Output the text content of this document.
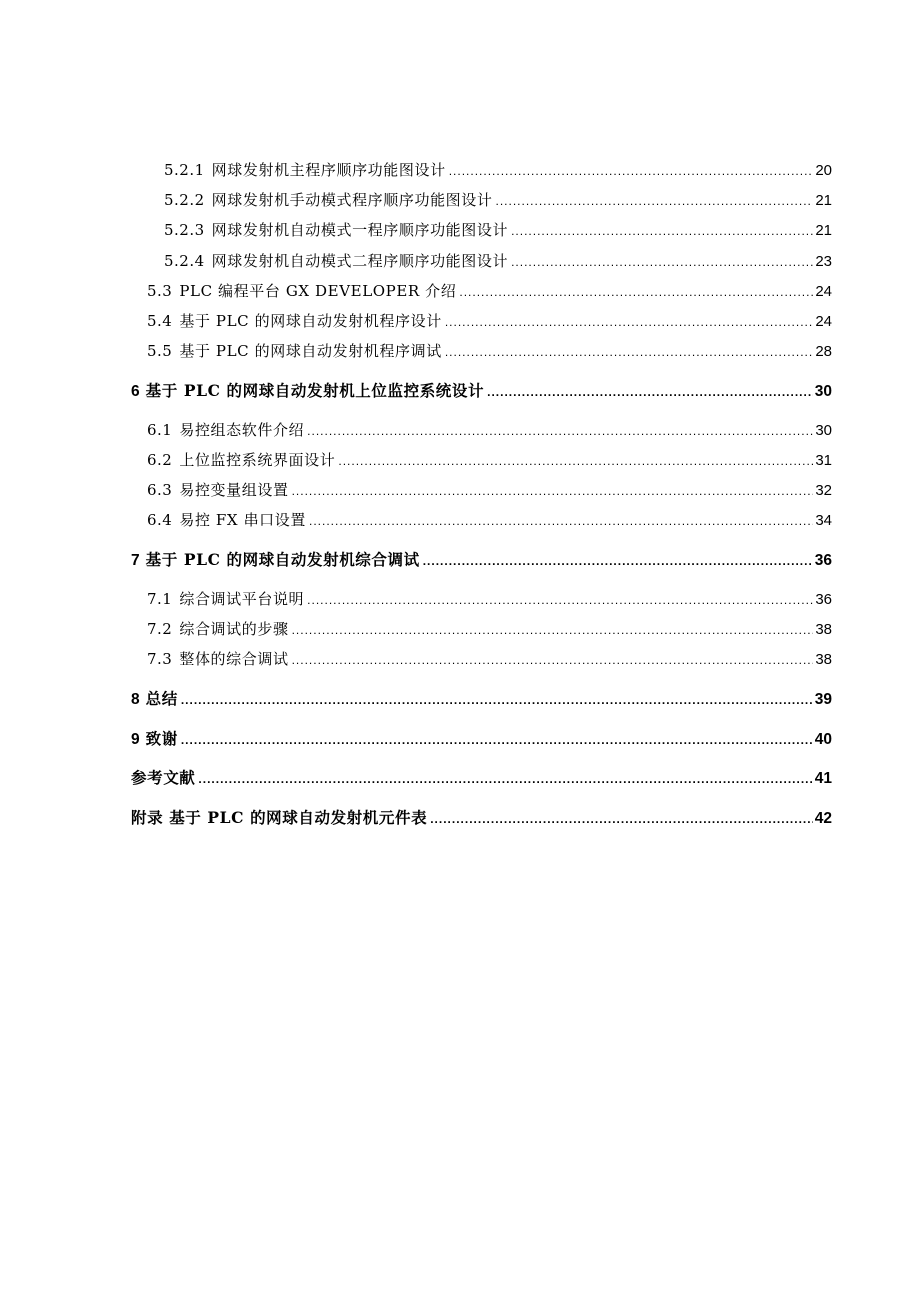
5.2.1 网球发射机主程序顺序功能图设计 .....	20
5.2.2 网球发射机手动模式程序顺序功能图设计 .....	21
5.2.3 网球发射机自动模式一程序顺序功能图设计 .....	21
5.2.4 网球发射机自动模式二程序顺序功能图设计 .....	23
5.3 PLC 编程平台 GX DEVELOPER 介绍 .....	24
5.4 基于 PLC 的网球自动发射机程序设计 .....	24
5.5 基于 PLC 的网球自动发射机程序调试 .....	28
6 基于 PLC 的网球自动发射机上位监控系统设计 .....	30
6.1 易控组态软件介绍 .....	30
6.2 上位监控系统界面设计 .....	31
6.3 易控变量组设置 .....	32
6.4 易控 FX 串口设置 .....	34
7 基于 PLC 的网球自动发射机综合调试 .....	36
7.1 综合调试平台说明 .....	36
7.2 综合调试的步骤 .....	38
7.3 整体的综合调试 .....	38
8 总结 .....	39
9 致谢 .....	40
参考文献 .....	41
附录 基于 PLC 的网球自动发射机元件表 .....	42
